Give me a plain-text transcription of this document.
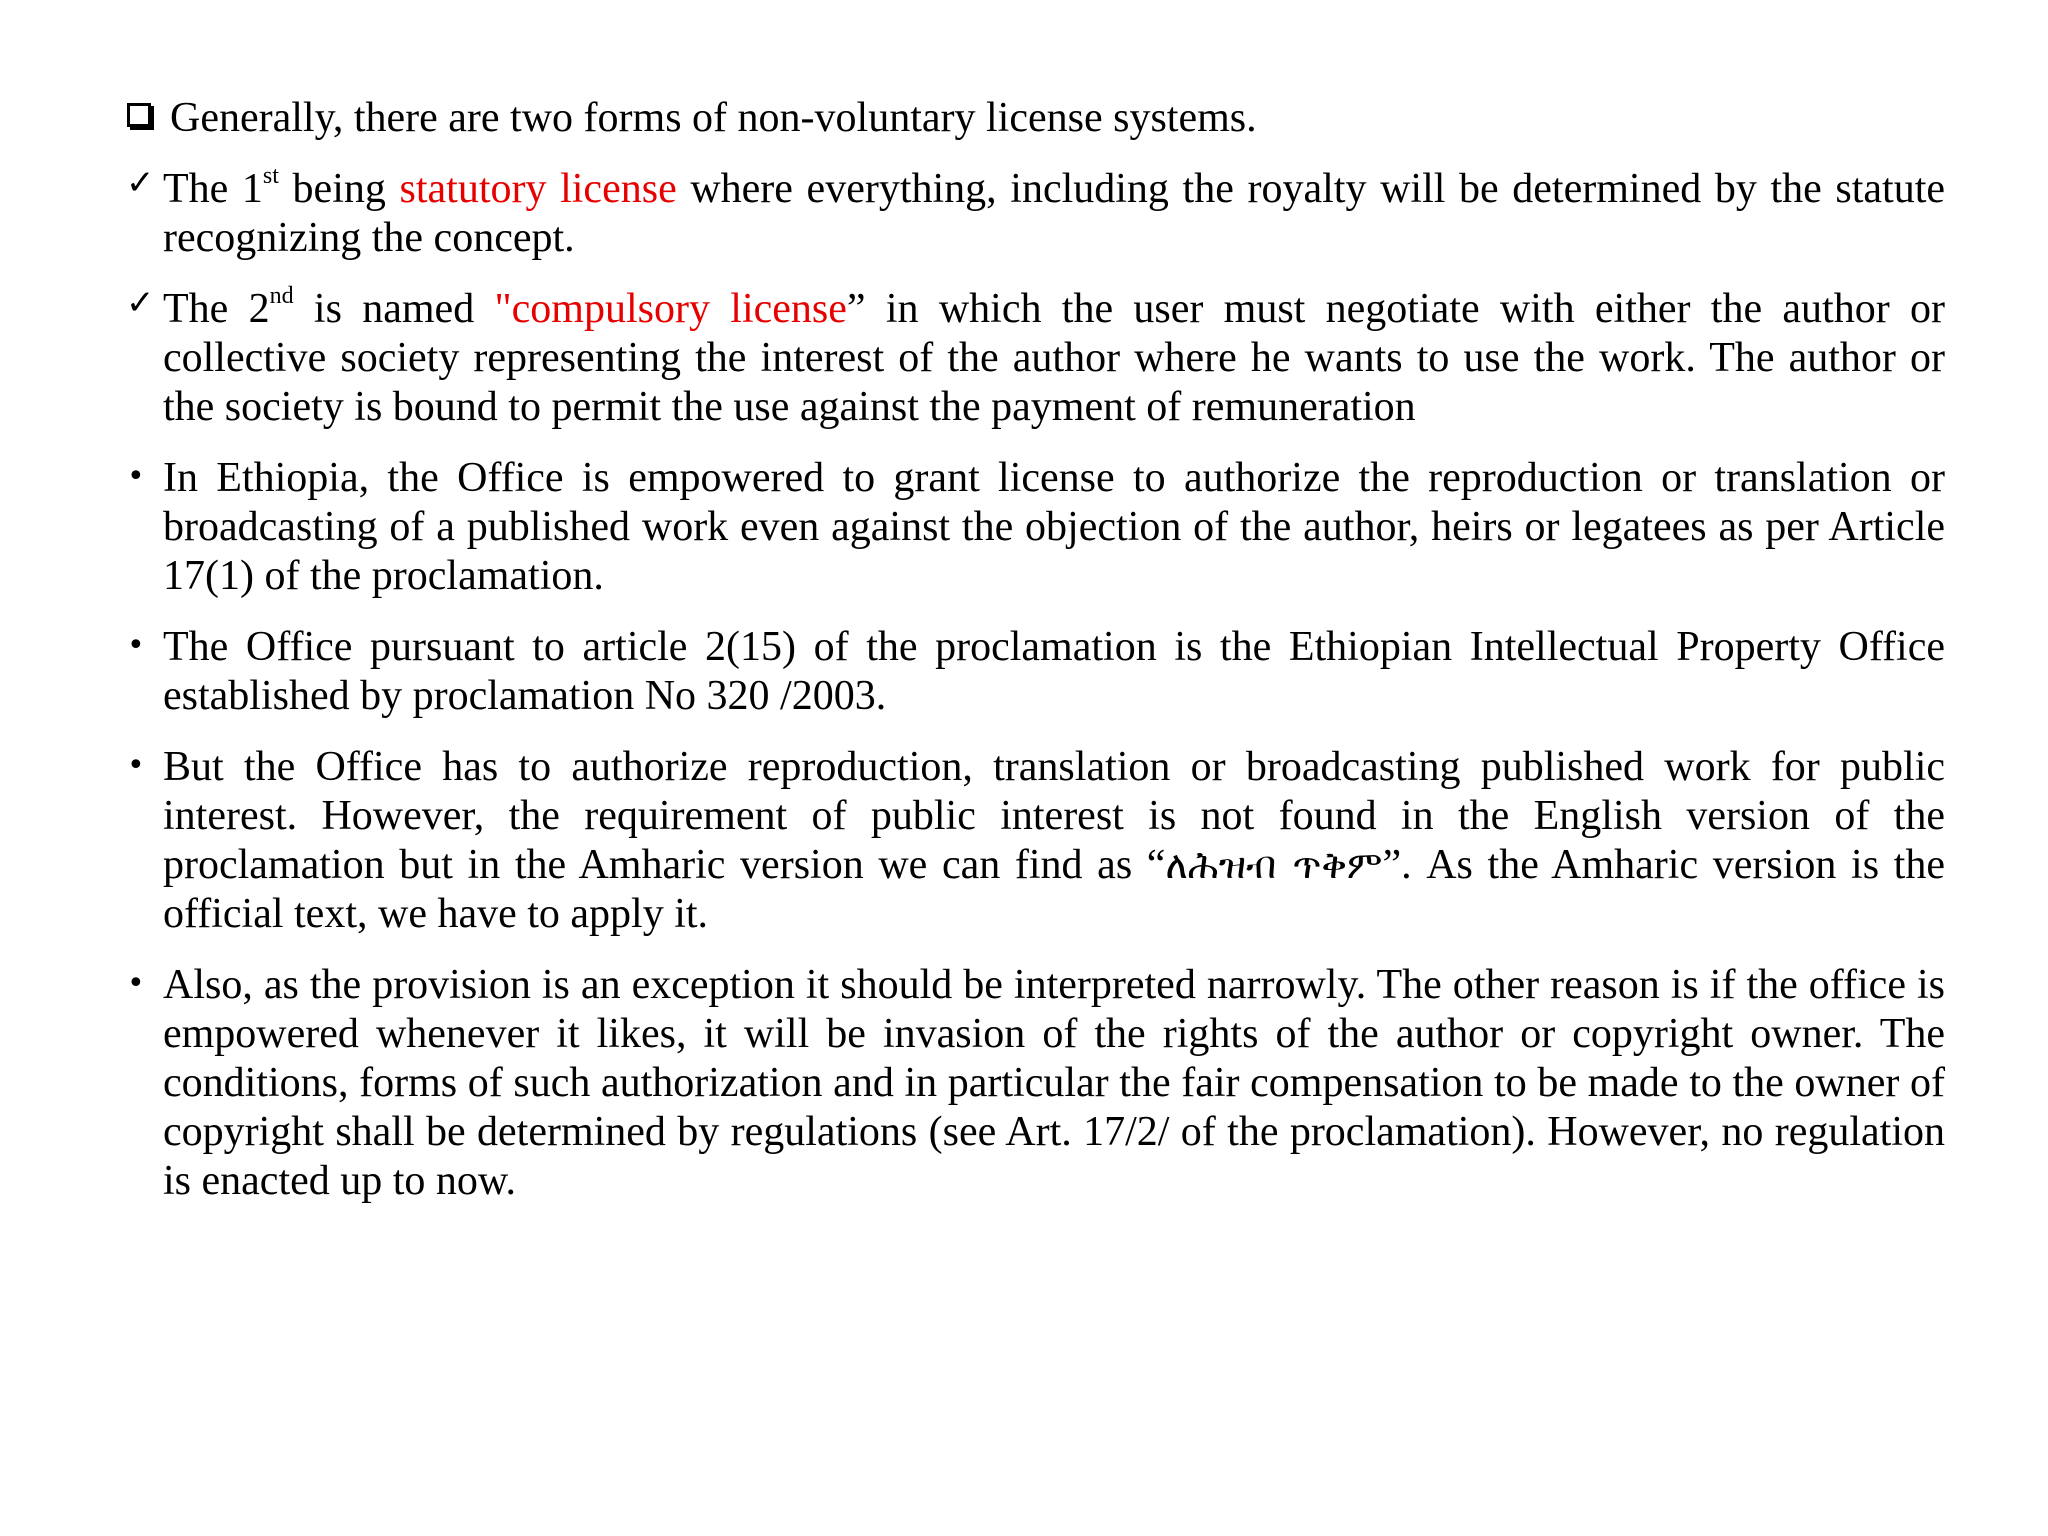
Generally, there are two forms of non-voluntary license systems.
✓ The 1st being statutory license where everything, including the royalty will be determined by the statute recognizing the concept.
✓ The 2nd is named "compulsory license” in which the user must negotiate with either the author or collective society representing the interest of the author where he wants to use the work. The author or the society is bound to permit the use against the payment of remuneration
• In Ethiopia, the Office is empowered to grant license to authorize the reproduction or translation or broadcasting of a published work even against the objection of the author, heirs or legatees as per Article 17(1) of the proclamation.
• The Office pursuant to article 2(15) of the proclamation is the Ethiopian Intellectual Property Office established by proclamation No 320 /2003.
• But the Office has to authorize reproduction, translation or broadcasting published work for public interest. However, the requirement of public interest is not found in the English version of the proclamation but in the Amharic version we can find as “ለሕዝብ ጥቅም”. As the Amharic version is the official text, we have to apply it.
• Also, as the provision is an exception it should be interpreted narrowly. The other reason is if the office is empowered whenever it likes, it will be invasion of the rights of the author or copyright owner. The conditions, forms of such authorization and in particular the fair compensation to be made to the owner of copyright shall be determined by regulations (see Art. 17/2/ of the proclamation). However, no regulation is enacted up to now.
